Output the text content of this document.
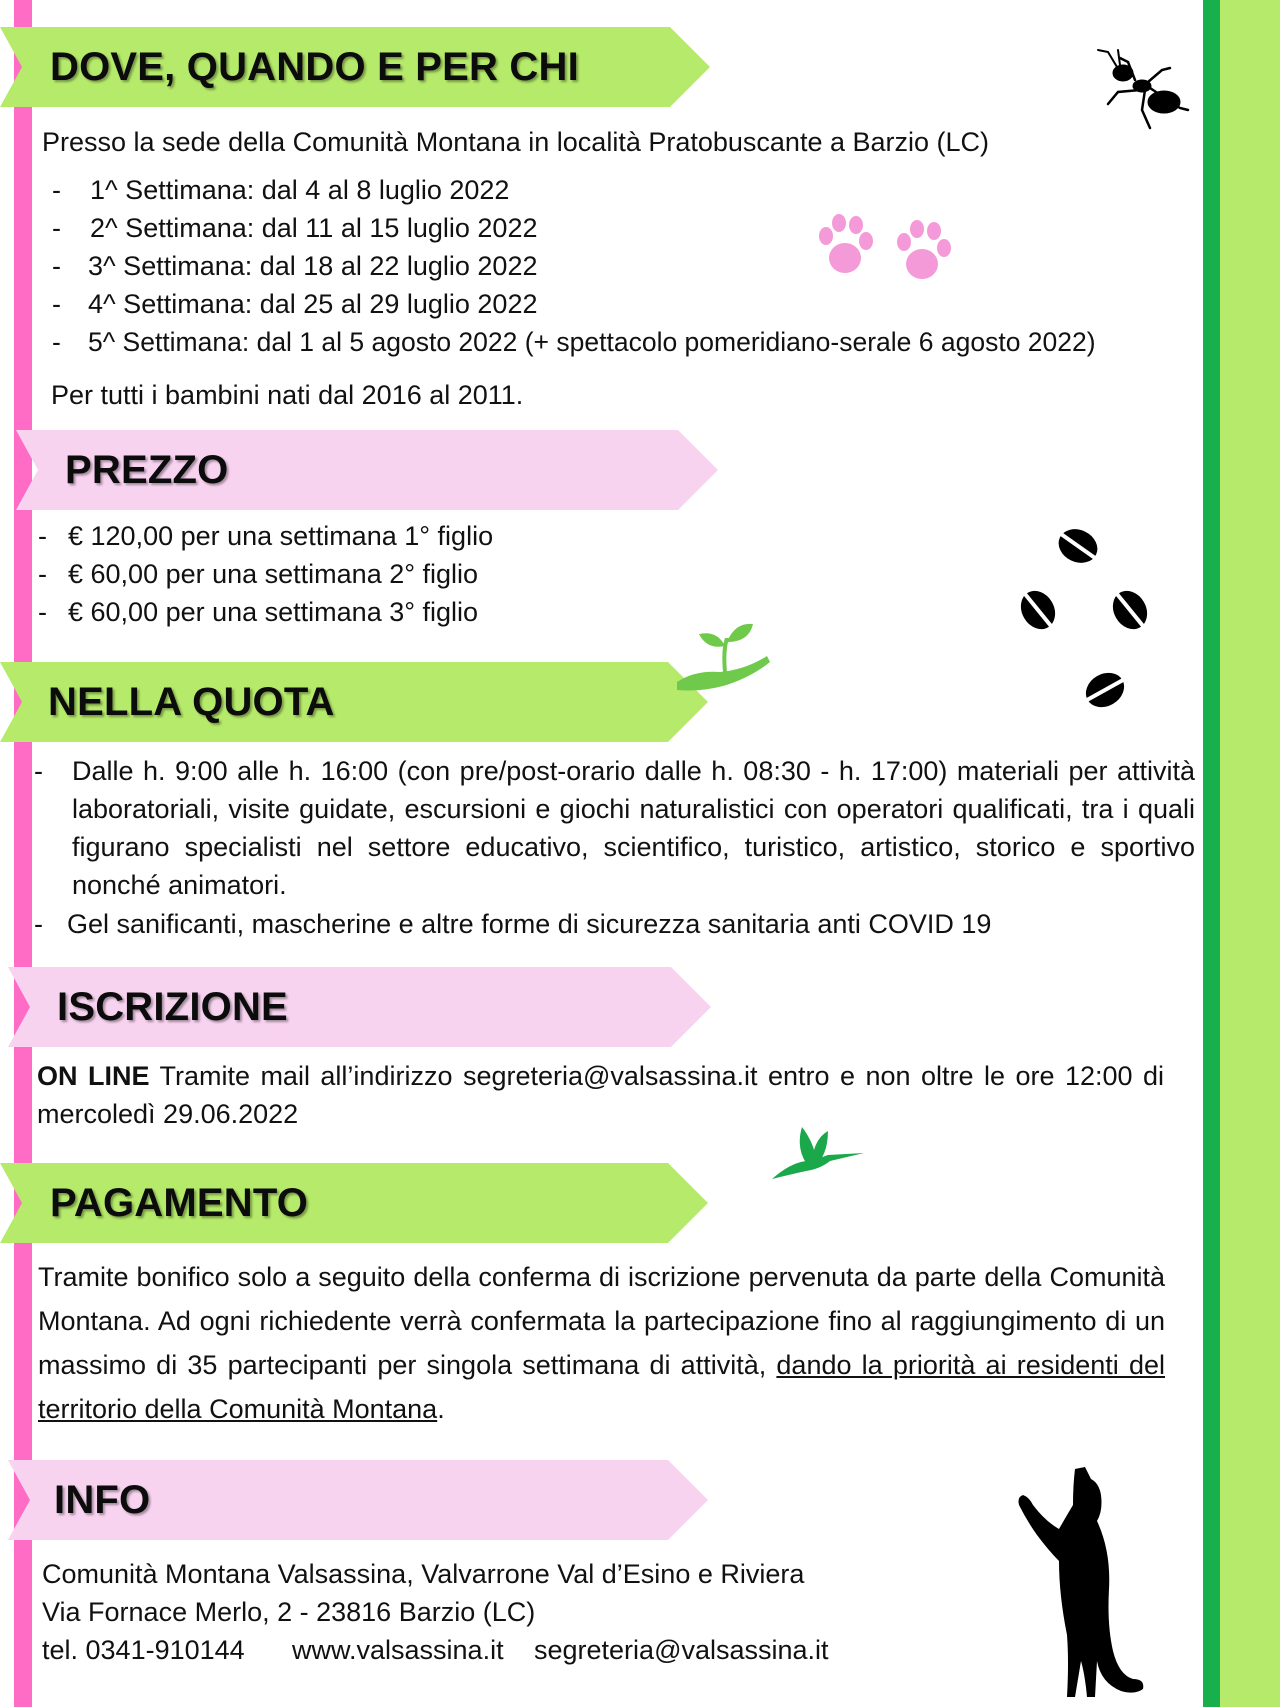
DOVE, QUANDO E PER CHI
Presso la sede della Comunità Montana in località Pratobuscante a Barzio (LC)
- 1^ Settimana: dal 4 al 8 luglio 2022
- 2^ Settimana: dal 11 al 15 luglio 2022
- 3^ Settimana: dal 18 al 22 luglio 2022
- 4^ Settimana: dal 25 al 29 luglio 2022
- 5^ Settimana: dal 1 al 5 agosto 2022 (+ spettacolo pomeridiano-serale 6 agosto 2022)
Per tutti i bambini nati dal 2016 al 2011.
PREZZO
- € 120,00 per una settimana 1° figlio
- € 60,00 per una settimana 2° figlio
- € 60,00 per una settimana 3° figlio
NELLA QUOTA
- Dalle h. 9:00 alle h. 16:00 (con pre/post-orario dalle h. 08:30 - h. 17:00) materiali per attività laboratoriali, visite guidate, escursioni e giochi naturalistici con operatori qualificati, tra i quali figurano specialisti nel settore educativo, scientifico, turistico, artistico, storico e sportivo nonché animatori.
- Gel sanificanti, mascherine e altre forme di sicurezza sanitaria anti COVID 19
ISCRIZIONE
ON LINE Tramite mail all’indirizzo segreteria@valsassina.it entro e non oltre le ore 12:00 di mercoledì 29.06.2022
PAGAMENTO
Tramite bonifico solo a seguito della conferma di iscrizione pervenuta da parte della Comunità Montana. Ad ogni richiedente verrà confermata la partecipazione fino al raggiungimento di un massimo di 35 partecipanti per singola settimana di attività, dando la priorità ai residenti del territorio della Comunità Montana.
INFO
Comunità Montana Valsassina, Valvarrone Val d’Esino e Riviera
Via Fornace Merlo, 2 - 23816 Barzio (LC)
tel. 0341-910144 www.valsassina.it segreteria@valsassina.it
